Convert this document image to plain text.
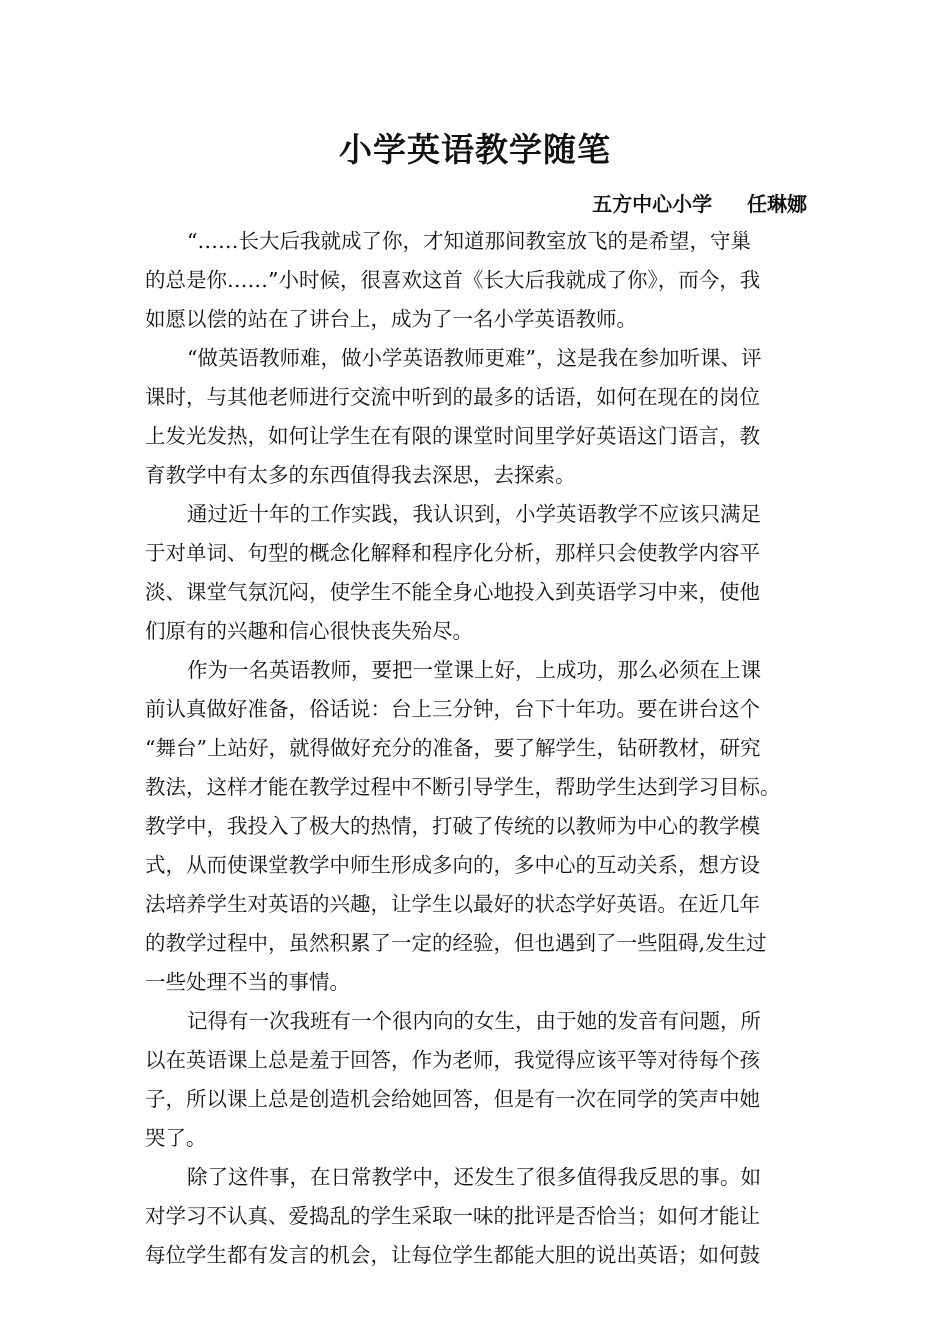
小学英语教学随笔
五方中心小学     任琳娜
“……长大后我就成了你，才知道那间教室放飞的是希望，守巢
的总是你……”小时候，很喜欢这首《长大后我就成了你》，而今，我
如愿以偿的站在了讲台上，成为了一名小学英语教师。
“做英语教师难，做小学英语教师更难”，这是我在参加听课、评
课时，与其他老师进行交流中听到的最多的话语，如何在现在的岗位
上发光发热，如何让学生在有限的课堂时间里学好英语这门语言，教
育教学中有太多的东西值得我去深思，去探索。
通过近十年的工作实践，我认识到，小学英语教学不应该只满足
于对单词、句型的概念化解释和程序化分析，那样只会使教学内容平
淡、课堂气氛沉闷，使学生不能全身心地投入到英语学习中来，使他
们原有的兴趣和信心很快丧失殆尽。
作为一名英语教师，要把一堂课上好，上成功，那么必须在上课
前认真做好准备，俗话说：台上三分钟，台下十年功。要在讲台这个
“舞台”上站好，就得做好充分的准备，要了解学生，钻研教材，研究
教法，这样才能在教学过程中不断引导学生，帮助学生达到学习目标。
教学中，我投入了极大的热情，打破了传统的以教师为中心的教学模
式，从而使课堂教学中师生形成多向的，多中心的互动关系，想方设
法培养学生对英语的兴趣，让学生以最好的状态学好英语。在近几年
的教学过程中，虽然积累了一定的经验，但也遇到了一些阻碍,发生过
一些处理不当的事情。
记得有一次我班有一个很内向的女生，由于她的发音有问题，所
以在英语课上总是羞于回答，作为老师，我觉得应该平等对待每个孩
子，所以课上总是创造机会给她回答，但是有一次在同学的笑声中她
哭了。
除了这件事，在日常教学中，还发生了很多值得我反思的事。如
对学习不认真、爱捣乱的学生采取一味的批评是否恰当；如何才能让
每位学生都有发言的机会，让每位学生都能大胆的说出英语；如何鼓
